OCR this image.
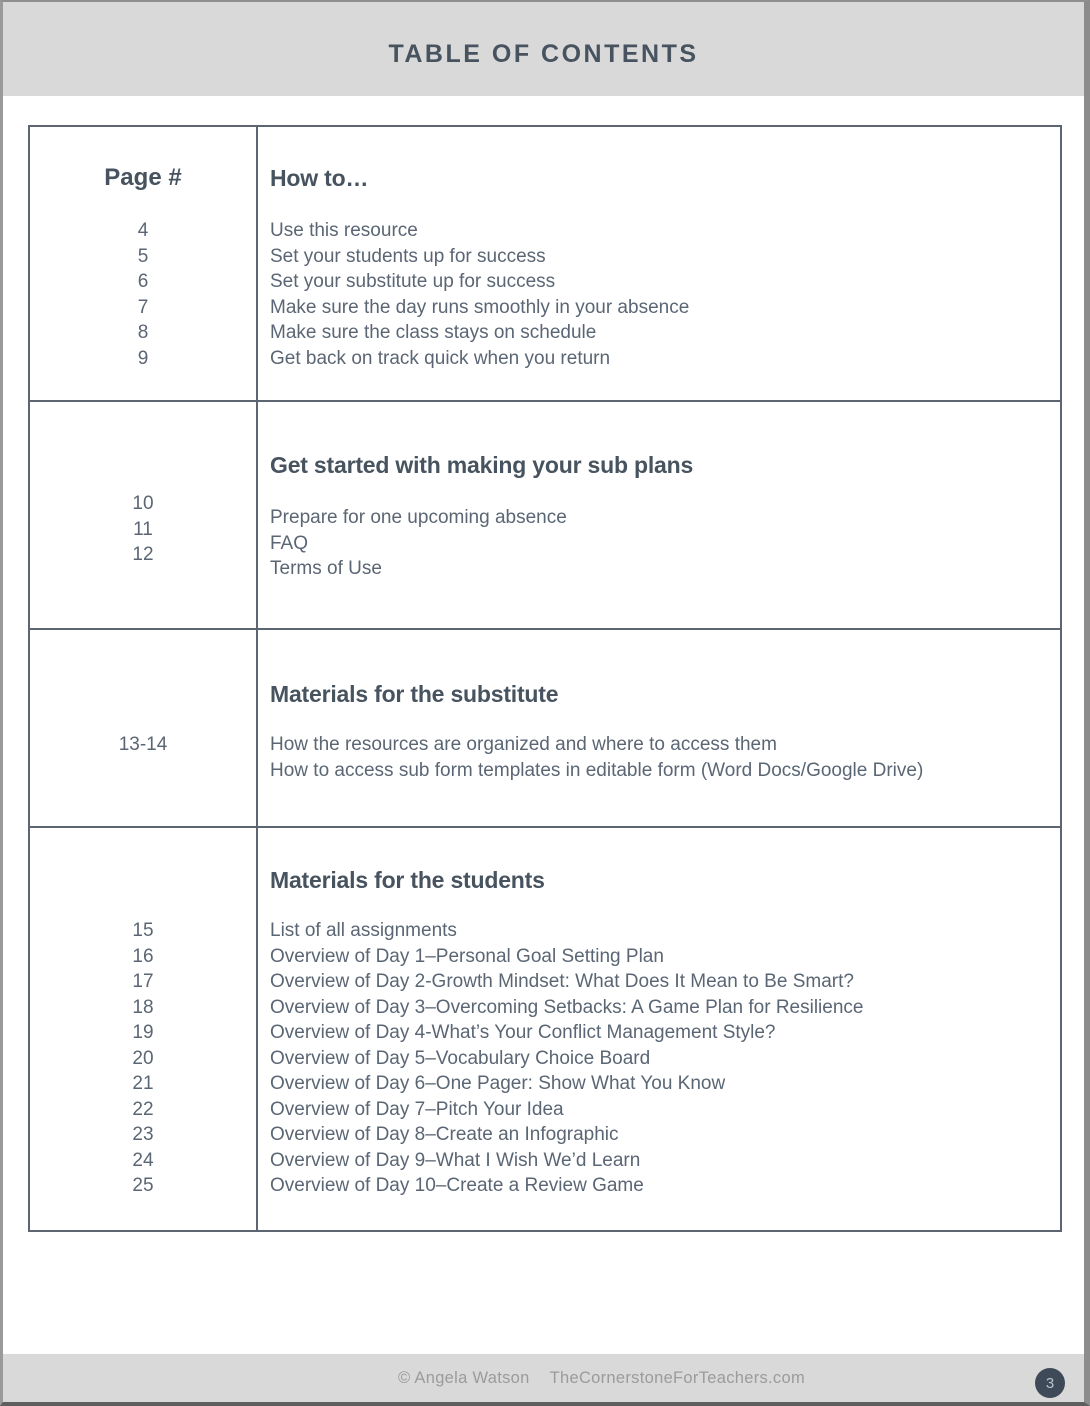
TABLE OF CONTENTS
Page #
4
5
6
7
8
9
How to…
Use this resource
Set your students up for success
Set your substitute up for success
Make sure the day runs smoothly in your absence
Make sure the class stays on schedule
Get back on track quick when you return
10
11
12
Get started with making your sub plans
Prepare for one upcoming absence
FAQ
Terms of Use
13-14
Materials for the substitute
How the resources are organized and where to access them
How to access sub form templates in editable form (Word Docs/Google Drive)
15
16
17
18
19
20
21
22
23
24
25
Materials for the students
List of all assignments
Overview of Day 1–Personal Goal Setting Plan
Overview of Day 2-Growth Mindset: What Does It Mean to Be Smart?
Overview of Day 3–Overcoming Setbacks: A Game Plan for Resilience
Overview of Day 4-What’s Your Conflict Management Style?
Overview of Day 5–Vocabulary Choice Board
Overview of Day 6–One Pager: Show What You Know
Overview of Day 7–Pitch Your Idea
Overview of Day 8–Create an Infographic
Overview of Day 9–What I Wish We’d Learn
Overview of Day 10–Create a Review Game
© Angela Watson TheCornerstoneForTeachers.com	3
